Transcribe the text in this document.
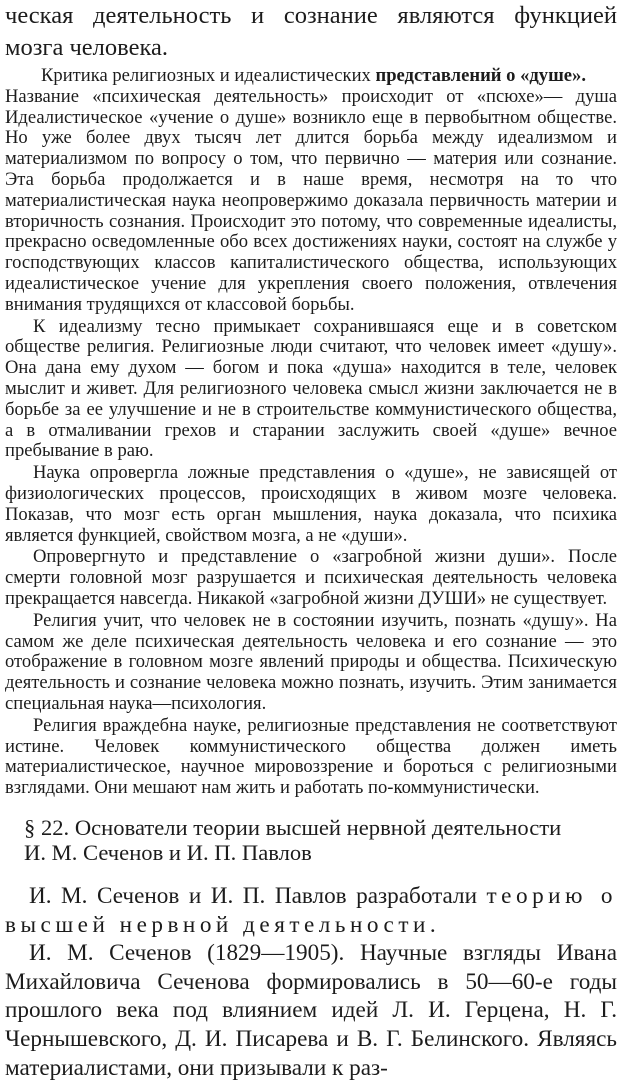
ческая деятельность и сознание являются функцией

мозга человека.

Критика религиозных и идеалистических представлений о «душе».

Название «психическая деятельность» происходит от «псюхе»— душа Идеалистическое «учение о душе» возникло еще в первобытном обществе. Но уже более двух тысяч лет длится борьба между идеализмом и материализмом по вопросу о том, что первично — материя или сознание. Эта борьба продолжается и в наше время, несмотря на то что материалистическая наука неопровержимо доказала первичность материи и вторичность сознания. Происходит это потому, что современные идеалисты, прекрасно осведомленные обо всех достижениях науки, состоят на службе у господствующих классов капиталистического общества, использующих идеалистическое учение для укрепления своего положения, отвлечения внимания трудящихся от классовой борьбы.

К идеализму тесно примыкает сохранившаяся еще и в советском обществе религия. Религиозные люди считают, что человек имеет «душу». Она дана ему духом — богом и пока «душа» находится в теле, человек мыслит и живет. Для религиозного человека смысл жизни заключается не в борьбе за ее улучшение и не в строительстве коммунистического общества, а в отмаливании грехов и старании заслужить своей «душе» вечное пребывание в раю.

Наука опровергла ложные представления о «душе», не зависящей от физиологических процессов, происходящих в живом мозге человека. Показав, что мозг есть орган мышления, наука доказала, что психика является функцией, свойством мозга, а не «души».

Опровергнуто и представление о «загробной жизни души». После смерти головной мозг разрушается и психическая деятельность человека прекращается навсегда. Никакой «загробной жизни ДУШИ» не существует.

Религия учит, что человек не в состоянии изучить, познать «душу». На самом же деле психическая деятельность человека и его сознание — это отображение в головном мозге явлений природы и общества. Психическую деятельность и сознание человека можно познать, изучить. Этим занимается специальная наука—психология.

Религия враждебна науке, религиозные представления не соответствуют истине. Человек коммунистического общества должен иметь материалистическое, научное мировоззрение и бороться с религиозными взглядами. Они мешают нам жить и работать по-коммунистически.

§ 22. Основатели теории высшей нервной деятельности
И. М. Сеченов и И. П. Павлов

И. М. Сеченов и И. П. Павлов разработали теорию о высшей нервной деятельности.

И. М. Сеченов (1829—1905). Научные взгляды Ивана Михайловича Сеченова формировались в 50—60-е годы прошлого века под влиянием идей Л. И. Герцена, Н. Г. Чернышевского, Д. И. Писарева и В. Г. Белинского. Являясь материалистами, они призывали к раз-
